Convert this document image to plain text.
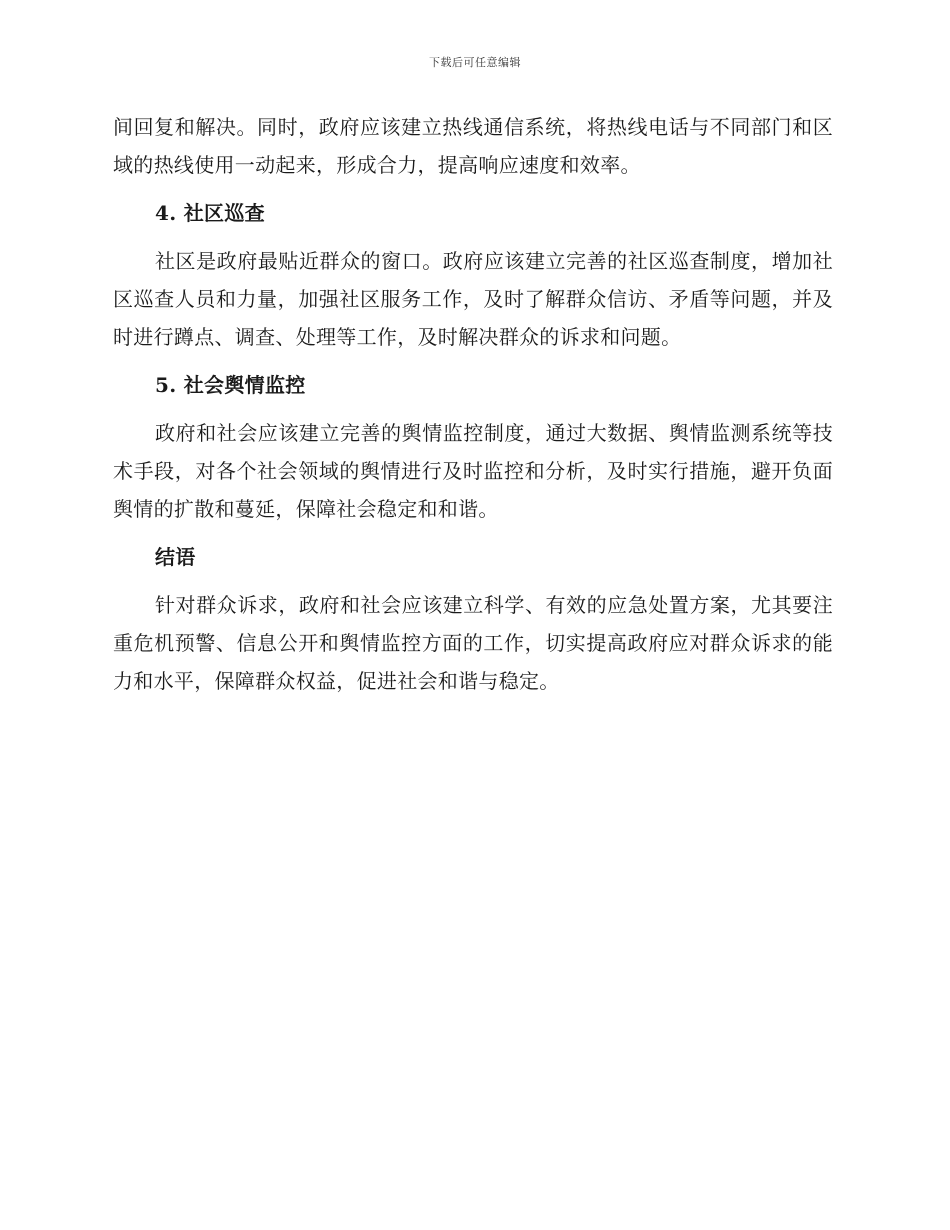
下载后可任意编辑

间回复和解决。同时，政府应该建立热线通信系统，将热线电话与不同部门和区域的热线使用一动起来，形成合力，提高响应速度和效率。

4. 社区巡查

社区是政府最贴近群众的窗口。政府应该建立完善的社区巡查制度，增加社区巡查人员和力量，加强社区服务工作，及时了解群众信访、矛盾等问题，并及时进行蹲点、调查、处理等工作，及时解决群众的诉求和问题。

5. 社会舆情监控

政府和社会应该建立完善的舆情监控制度，通过大数据、舆情监测系统等技术手段，对各个社会领域的舆情进行及时监控和分析，及时实行措施，避开负面舆情的扩散和蔓延，保障社会稳定和和谐。

结语

针对群众诉求，政府和社会应该建立科学、有效的应急处置方案，尤其要注重危机预警、信息公开和舆情监控方面的工作，切实提高政府应对群众诉求的能力和水平，保障群众权益，促进社会和谐与稳定。
